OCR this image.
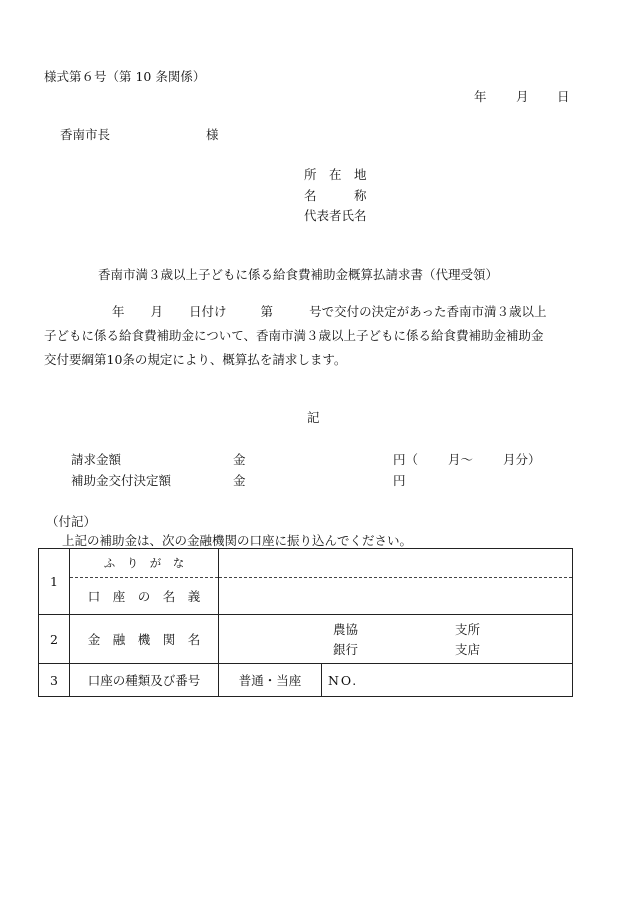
様式第６号（第 10 条関係）
年 月 日
香南市長	様
所　在　地
名　　　称
代表者氏名
香南市満３歳以上子どもに係る給食費補助金概算払請求書（代理受領）
年 月 日付け	第	号で交付の決定があった香南市満３歳以上
子どもに係る給食費補助金について、香南市満３歳以上子どもに係る給食費補助金補助金
交付要綱第10条の規定により、概算払を請求します。
記
請求金額	金	円（ 月～ 月分）
補助金交付決定額	金	円
（付記）
上記の補助金は、次の金融機関の口座に振り込んでください。
1	ふ　り　が　な	
	口　座　の　名　義	
2	金　融　機　関　名	農協 支所
銀行 支店

3	口座の種類及び番号	普通・当座 NO.
